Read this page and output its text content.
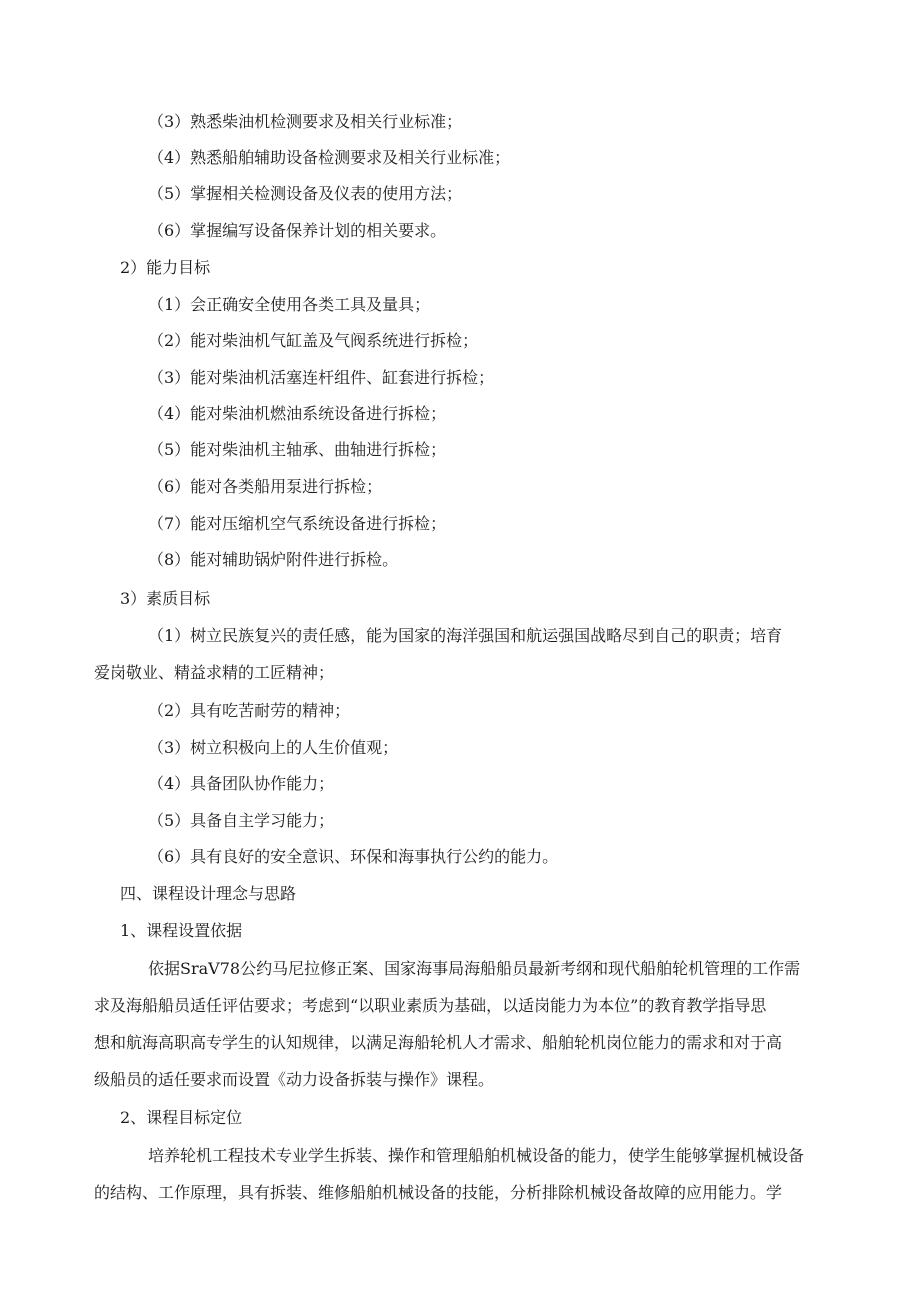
（3）熟悉柴油机检测要求及相关行业标准；
（4）熟悉船舶辅助设备检测要求及相关行业标准；
（5）掌握相关检测设备及仪表的使用方法；
（6）掌握编写设备保养计划的相关要求。
2）能力目标
（1）会正确安全使用各类工具及量具；
（2）能对柴油机气缸盖及气阀系统进行拆检；
（3）能对柴油机活塞连杆组件、缸套进行拆检；
（4）能对柴油机燃油系统设备进行拆检；
（5）能对柴油机主轴承、曲轴进行拆检；
（6）能对各类船用泵进行拆检；
（7）能对压缩机空气系统设备进行拆检；
（8）能对辅助锅炉附件进行拆检。
3）素质目标
（1）树立民族复兴的责任感，能为国家的海洋强国和航运强国战略尽到自己的职责；培育
爱岗敬业、精益求精的工匠精神；
（2）具有吃苦耐劳的精神；
（3）树立积极向上的人生价值观；
（4）具备团队协作能力；
（5）具备自主学习能力；
（6）具有良好的安全意识、环保和海事执行公约的能力。
四、课程设计理念与思路
1、课程设置依据
依据SraV78公约马尼拉修正案、国家海事局海船船员最新考纲和现代船舶轮机管理的工作需
求及海船船员适任评估要求；考虑到“以职业素质为基础，以适岗能力为本位”的教育教学指导思
想和航海高职高专学生的认知规律，以满足海船轮机人才需求、船舶轮机岗位能力的需求和对于高
级船员的适任要求而设置《动力设备拆装与操作》课程。
2、课程目标定位
培养轮机工程技术专业学生拆装、操作和管理船舶机械设备的能力，使学生能够掌握机械设备
的结构、工作原理，具有拆装、维修船舶机械设备的技能，分析排除机械设备故障的应用能力。学
